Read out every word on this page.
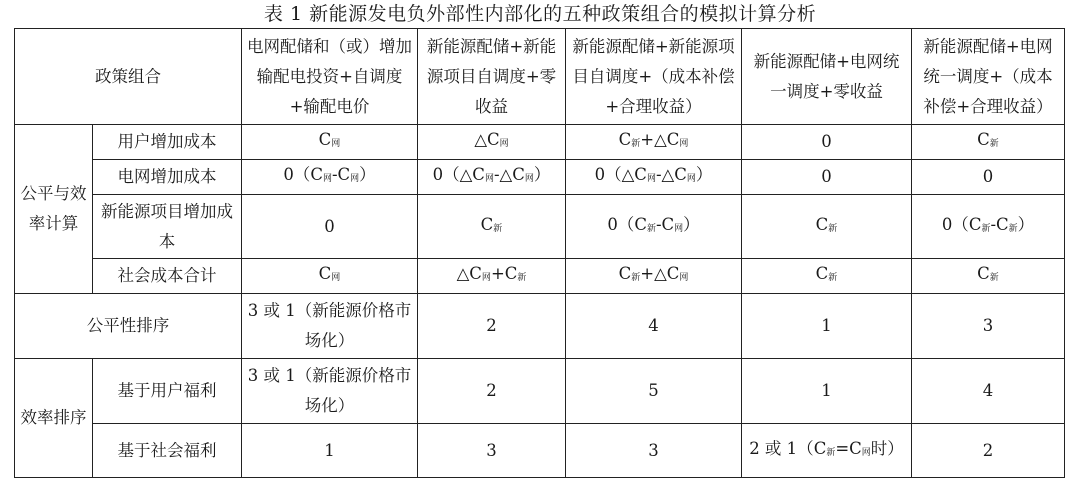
表 1 新能源发电负外部性内部化的五种政策组合的模拟计算分析
政策组合		电网配储和（或）增加输配电投资+自调度+输配电价	新能源配储+新能源项目自调度+零收益	新能源配储+新能源项目自调度+（成本补偿+合理收益）	新能源配储+电网统一调度+零收益	新能源配储+电网统一调度+（成本补偿+合理收益）
公平与效率计算	用户增加成本	$C_网$	$\triangle C_网$	$C_新+\triangle C_网$	0	$C_新$
	电网增加成本	$0(C_网-C_网)$	$0(\triangle C_网-\triangle C_网)$	$0(\triangle C_网-\triangle C_网)$	0	0
	新能源项目增加成本	0	$C_新$	$0(C_新-C_网)$	$C_新$	$0(C_新-C_新)$
	社会成本合计	$C_网$	$\triangle C_网+C_新$	$C_新+\triangle C_网$	$C_新$	$C_新$
公平性排序		3 或 1（新能源价格市场化）	2	4	1	3
效率排序	基于用户福利	3 或 1（新能源价格市场化）	2	5	1	4
	基于社会福利	1	3	3	2 或 $1(C_新=C_网$时）	2
